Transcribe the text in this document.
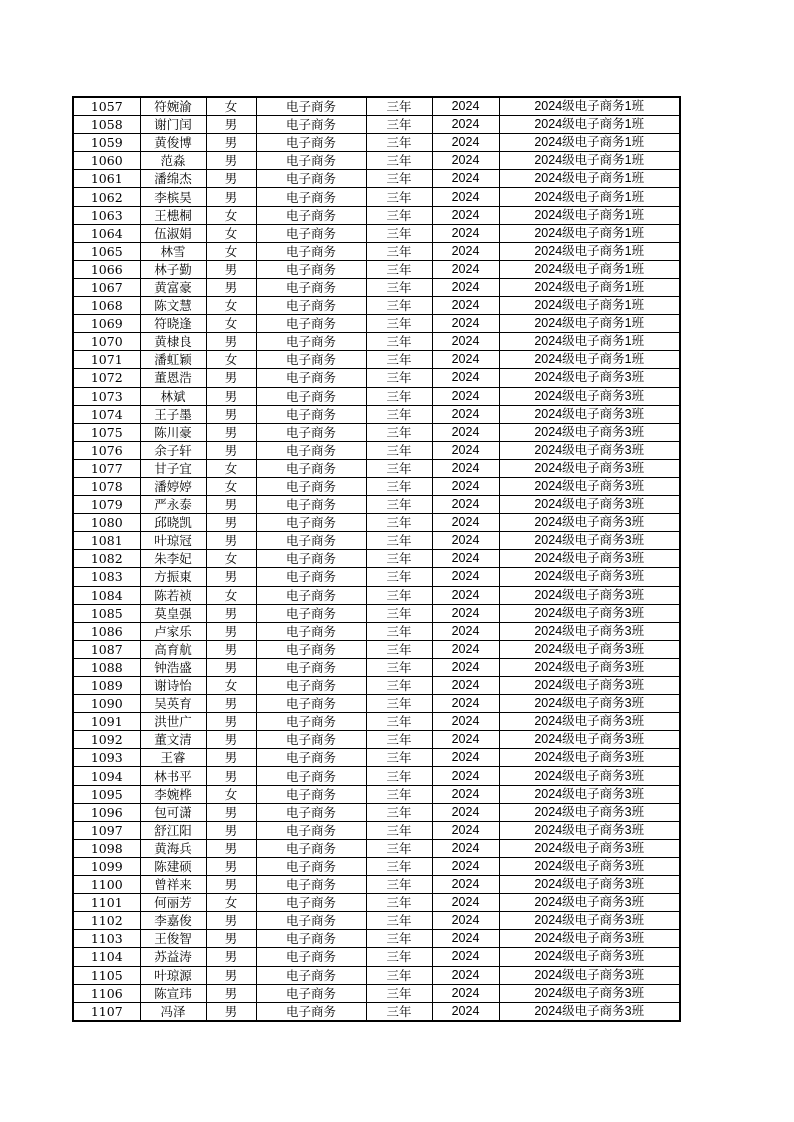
1057	符婉渝	女	电子商务	三年	2024	2024级电子商务1班
1058	谢门闰	男	电子商务	三年	2024	2024级电子商务1班
1059	黄俊博	男	电子商务	三年	2024	2024级电子商务1班
1060	范淼	男	电子商务	三年	2024	2024级电子商务1班
1061	潘绵杰	男	电子商务	三年	2024	2024级电子商务1班
1062	李槟昊	男	电子商务	三年	2024	2024级电子商务1班
1063	王槵桐	女	电子商务	三年	2024	2024级电子商务1班
1064	伍淑娟	女	电子商务	三年	2024	2024级电子商务1班
1065	林雪	女	电子商务	三年	2024	2024级电子商务1班
1066	林子勤	男	电子商务	三年	2024	2024级电子商务1班
1067	黄富豪	男	电子商务	三年	2024	2024级电子商务1班
1068	陈文慧	女	电子商务	三年	2024	2024级电子商务1班
1069	符晓逢	女	电子商务	三年	2024	2024级电子商务1班
1070	黄棣良	男	电子商务	三年	2024	2024级电子商务1班
1071	潘虹颖	女	电子商务	三年	2024	2024级电子商务1班
1072	董恩浩	男	电子商务	三年	2024	2024级电子商务3班
1073	林斌	男	电子商务	三年	2024	2024级电子商务3班
1074	王子墨	男	电子商务	三年	2024	2024级电子商务3班
1075	陈川豪	男	电子商务	三年	2024	2024级电子商务3班
1076	余子轩	男	电子商务	三年	2024	2024级电子商务3班
1077	甘子宜	女	电子商务	三年	2024	2024级电子商务3班
1078	潘婷婷	女	电子商务	三年	2024	2024级电子商务3班
1079	严永泰	男	电子商务	三年	2024	2024级电子商务3班
1080	邱晓凯	男	电子商务	三年	2024	2024级电子商务3班
1081	叶琼冠	男	电子商务	三年	2024	2024级电子商务3班
1082	朱李妃	女	电子商务	三年	2024	2024级电子商务3班
1083	方振東	男	电子商务	三年	2024	2024级电子商务3班
1084	陈若祯	女	电子商务	三年	2024	2024级电子商务3班
1085	莫皇强	男	电子商务	三年	2024	2024级电子商务3班
1086	卢家乐	男	电子商务	三年	2024	2024级电子商务3班
1087	高育航	男	电子商务	三年	2024	2024级电子商务3班
1088	钟浩盛	男	电子商务	三年	2024	2024级电子商务3班
1089	谢诗怡	女	电子商务	三年	2024	2024级电子商务3班
1090	吴英育	男	电子商务	三年	2024	2024级电子商务3班
1091	洪世广	男	电子商务	三年	2024	2024级电子商务3班
1092	董文清	男	电子商务	三年	2024	2024级电子商务3班
1093	王睿	男	电子商务	三年	2024	2024级电子商务3班
1094	林书平	男	电子商务	三年	2024	2024级电子商务3班
1095	李婉桦	女	电子商务	三年	2024	2024级电子商务3班
1096	包可潇	男	电子商务	三年	2024	2024级电子商务3班
1097	舒江阳	男	电子商务	三年	2024	2024级电子商务3班
1098	黄海兵	男	电子商务	三年	2024	2024级电子商务3班
1099	陈建硕	男	电子商务	三年	2024	2024级电子商务3班
1100	曾祥来	男	电子商务	三年	2024	2024级电子商务3班
1101	何丽芳	女	电子商务	三年	2024	2024级电子商务3班
1102	李嘉俊	男	电子商务	三年	2024	2024级电子商务3班
1103	王俊智	男	电子商务	三年	2024	2024级电子商务3班
1104	苏益涛	男	电子商务	三年	2024	2024级电子商务3班
1105	叶琼源	男	电子商务	三年	2024	2024级电子商务3班
1106	陈宣玮	男	电子商务	三年	2024	2024级电子商务3班
1107	冯泽	男	电子商务	三年	2024	2024级电子商务3班
